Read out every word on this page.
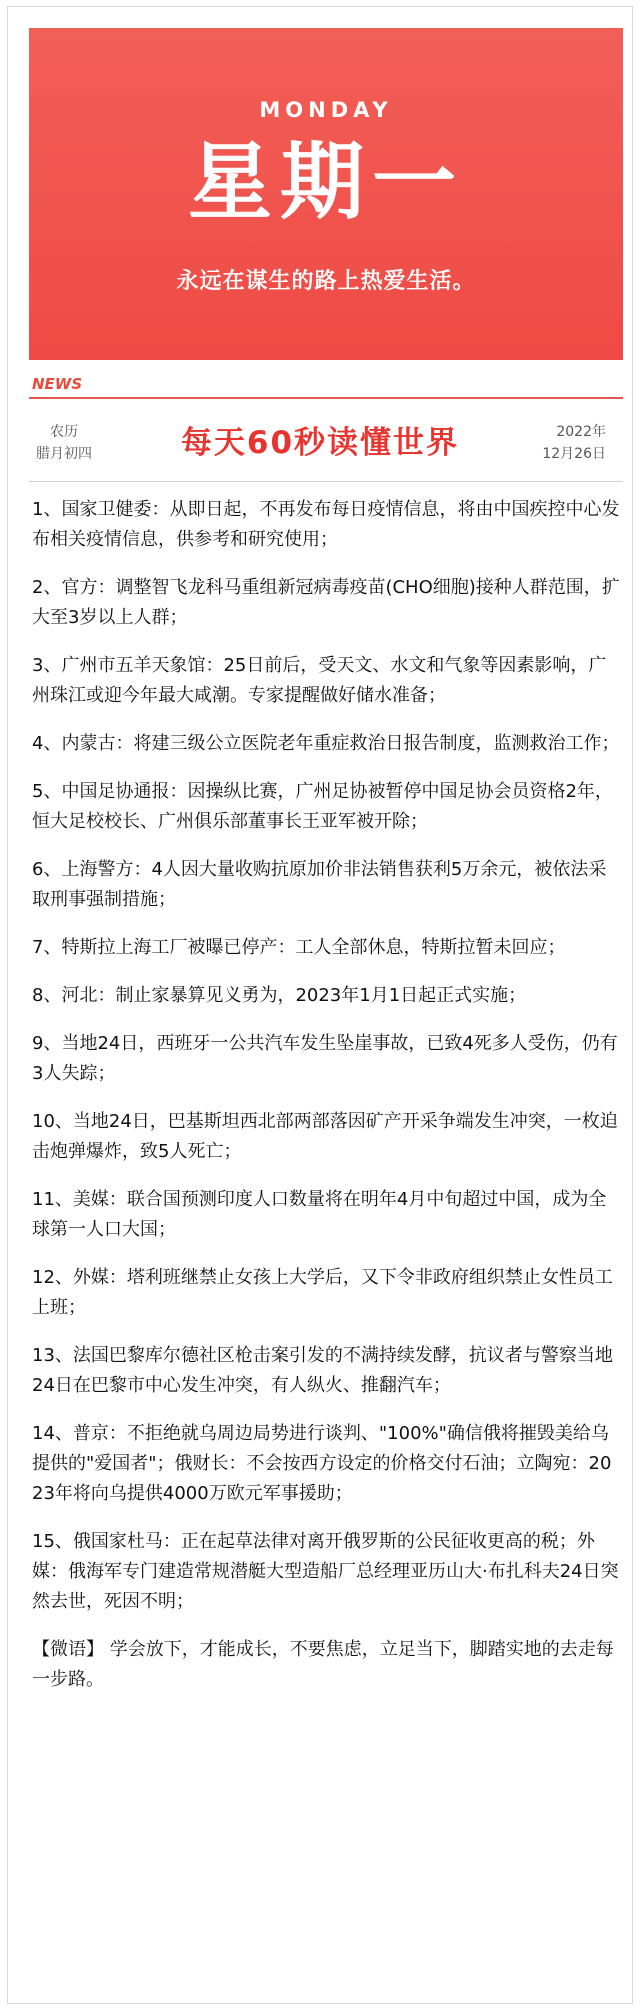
MONDAY
星期一
永远在谋生的路上热爱生活。
NEWS
农历
腊月初四	每天60秒读懂世界	2022年
12月26日
1、国家卫健委：从即日起，不再发布每日疫情信息，将由中国疾控中心发布相关疫情信息，供参考和研究使用；
2、官方：调整智飞龙科马重组新冠病毒疫苗(CHO细胞)接种人群范围，扩大至3岁以上人群；
3、广州市五羊天象馆：25日前后，受天文、水文和气象等因素影响，广州珠江或迎今年最大咸潮。专家提醒做好储水准备；
4、内蒙古：将建三级公立医院老年重症救治日报告制度，监测救治工作；
5、中国足协通报：因操纵比赛，广州足协被暂停中国足协会员资格2年，恒大足校校长、广州俱乐部董事长王亚军被开除；
6、上海警方：4人因大量收购抗原加价非法销售获利5万余元，被依法采取刑事强制措施；
7、特斯拉上海工厂被曝已停产：工人全部休息，特斯拉暂未回应；
8、河北：制止家暴算见义勇为，2023年1月1日起正式实施；
9、当地24日，西班牙一公共汽车发生坠崖事故，已致4死多人受伤，仍有3人失踪；
10、当地24日，巴基斯坦西北部两部落因矿产开采争端发生冲突，一枚迫击炮弹爆炸，致5人死亡；
11、美媒：联合国预测印度人口数量将在明年4月中旬超过中国，成为全球第一人口大国；
12、外媒：塔利班继禁止女孩上大学后，又下令非政府组织禁止女性员工上班；
13、法国巴黎库尔德社区枪击案引发的不满持续发酵，抗议者与警察当地24日在巴黎市中心发生冲突，有人纵火、推翻汽车；
14、普京：不拒绝就乌周边局势进行谈判、"100%"确信俄将摧毁美给乌提供的"爱国者"；俄财长：不会按西方设定的价格交付石油；立陶宛：2023年将向乌提供4000万欧元军事援助；
15、俄国家杜马：正在起草法律对离开俄罗斯的公民征收更高的税；外媒：俄海军专门建造常规潜艇大型造船厂总经理亚历山大·布扎科夫24日突然去世，死因不明；
【微语】 学会放下，才能成长，不要焦虑，立足当下，脚踏实地的去走每一步路。
